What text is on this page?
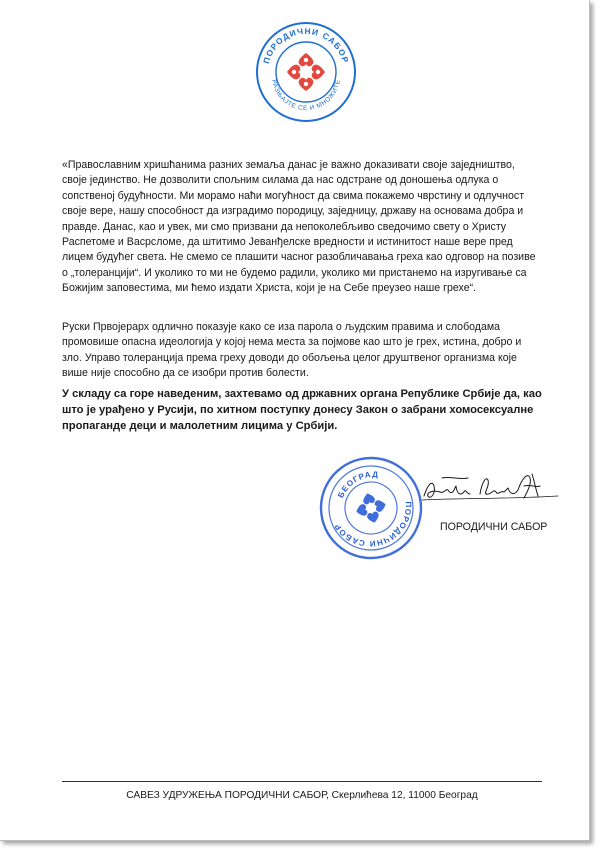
ПОРОДИЧНИ САБОР
РАЗЊАЈТЕ СЕ И МНОЖИТЕ

«Православним хришћанима разних земаља данас је важно доказивати своје заједништво, своје јединство. Не дозволити спољним силама да нас одстране од доношења одлука о сопственој будућности. Ми морамо наћи могућност да свима покажемо чврстину и одлучност своје вере, нашу способност да изградимо породицу, заједницу, државу на основама добра и правде. Данас, као и увек, ми смо призвани да непоколебљиво сведочимо свету о Христу Распетоме и Васрсломе, да штитимо Јеванђелске вредности и истинитост наше вере пред лицем будућег света. Не смемо се плашити часног разобличавања греха као одговор на позиве о „толеранцији“. И уколико то ми не будемо радили, уколико ми пристанемо на изругивање са Божијим заповестима, ми ћемо издати Христа, који је на Себе преузео наше грехе“.

Руски Првојерарх одлично показује како се иза парола о људским правима и слободама промовише опасна идеологија у којој нема места за појмове као што је грех, истина, добро и зло. Управо толеранција према греху доводи до обољења целог друштвеног организма које више није способно да се изобри против болести.

У складу са горе наведеним, захтевамо од државних органа Републике Србије да, као што је урађено у Русији, по хитном поступку донесу Закон о забрани хомосексуалне пропаганде деци и малолетним лицима у Србији.

БЕОГРАД
ПОРОДИЧНИ САБОР	ПОРОДИЧНИ САБОР
САВЕЗ УДРУЖЕЊА ПОРОДИЧНИ САБОР, Скерлићева 12, 11000 Београд
